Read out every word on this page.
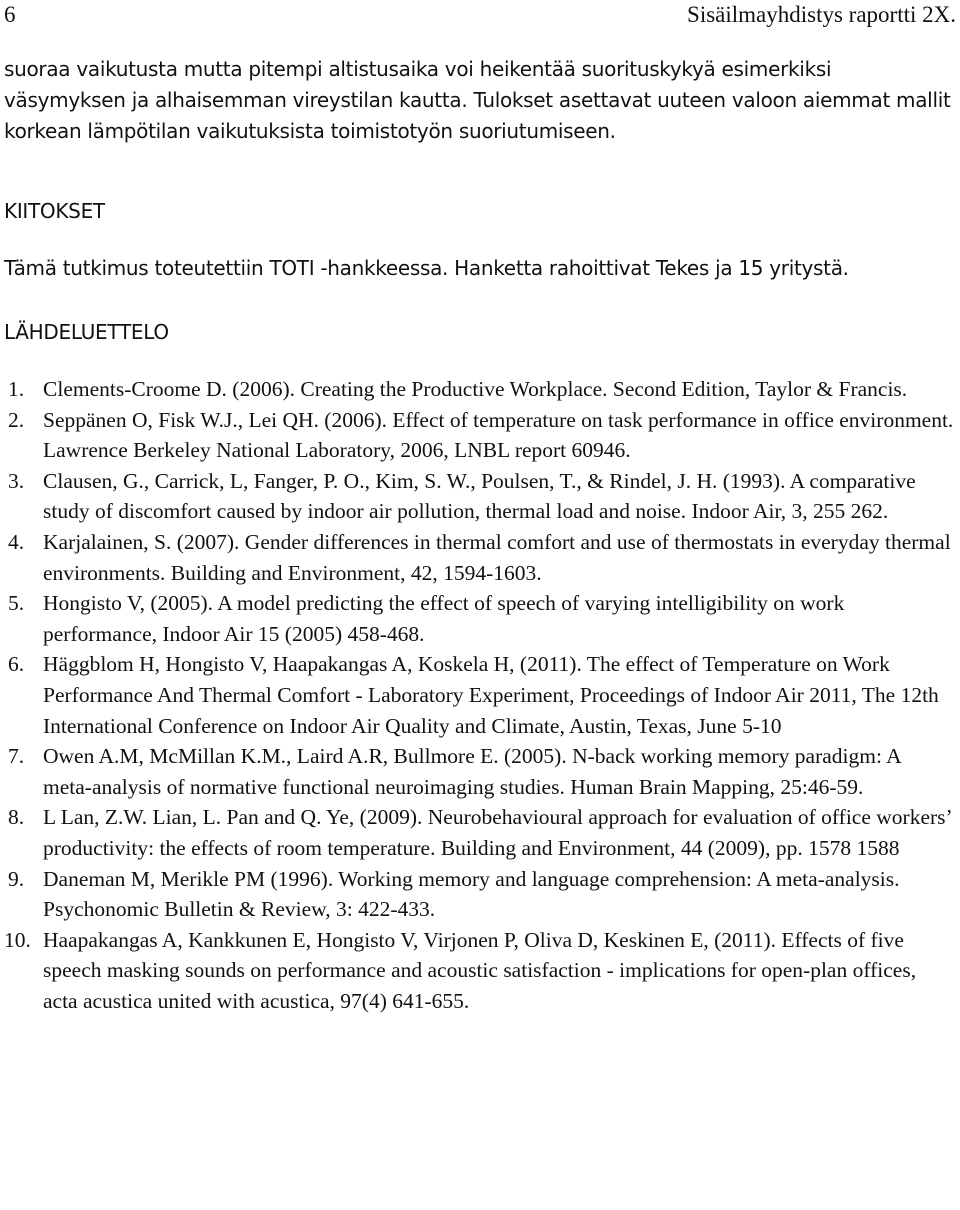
6	Sisäilmayhdistys raportti 2X.

suoraa vaikutusta mutta pitempi altistusaika voi heikentää suorituskykyä esimerkiksi väsymyksen ja alhaisemman vireystilan kautta. Tulokset asettavat uuteen valoon aiemmat mallit korkean lämpötilan vaikutuksista toimistotyön suoriutumiseen.

KIITOKSET

Tämä tutkimus toteutettiin TOTI -hankkeessa. Hanketta rahoittivat Tekes ja 15 yritystä.

LÄHDELUETTELO
1. Clements-Croome D. (2006). Creating the Productive Workplace. Second Edition, Taylor & Francis.
2. Seppänen O, Fisk W.J., Lei QH. (2006). Effect of temperature on task performance in office environment. Lawrence Berkeley National Laboratory, 2006, LNBL report 60946.
3. Clausen, G., Carrick, L, Fanger, P. O., Kim, S. W., Poulsen, T., & Rindel, J. H. (1993). A comparative study of discomfort caused by indoor air pollution, thermal load and noise. Indoor Air, 3, 255 262.
4. Karjalainen, S. (2007). Gender differences in thermal comfort and use of thermostats in everyday thermal environments. Building and Environment, 42, 1594-1603.
5. Hongisto V, (2005). A model predicting the effect of speech of varying intelligibility on work performance, Indoor Air 15 (2005) 458-468.
6. Häggblom H, Hongisto V, Haapakangas A, Koskela H, (2011). The effect of Temperature on Work Performance And Thermal Comfort - Laboratory Experiment, Proceedings of Indoor Air 2011, The 12th International Conference on Indoor Air Quality and Climate, Austin, Texas, June 5-10
7. Owen A.M, McMillan K.M., Laird A.R, Bullmore E. (2005). N-back working memory paradigm: A meta-analysis of normative functional neuroimaging studies. Human Brain Mapping, 25:46-59.
8. L Lan, Z.W. Lian, L. Pan and Q. Ye, (2009). Neurobehavioural approach for evaluation of office workers’ productivity: the effects of room temperature. Building and Environment, 44 (2009), pp. 1578 1588
9. Daneman M, Merikle PM (1996). Working memory and language comprehension: A meta-analysis. Psychonomic Bulletin & Review, 3: 422-433.
10. Haapakangas A, Kankkunen E, Hongisto V, Virjonen P, Oliva D, Keskinen E, (2011). Effects of five speech masking sounds on performance and acoustic satisfaction - implications for open-plan offices, acta acustica united with acustica, 97(4) 641-655.
